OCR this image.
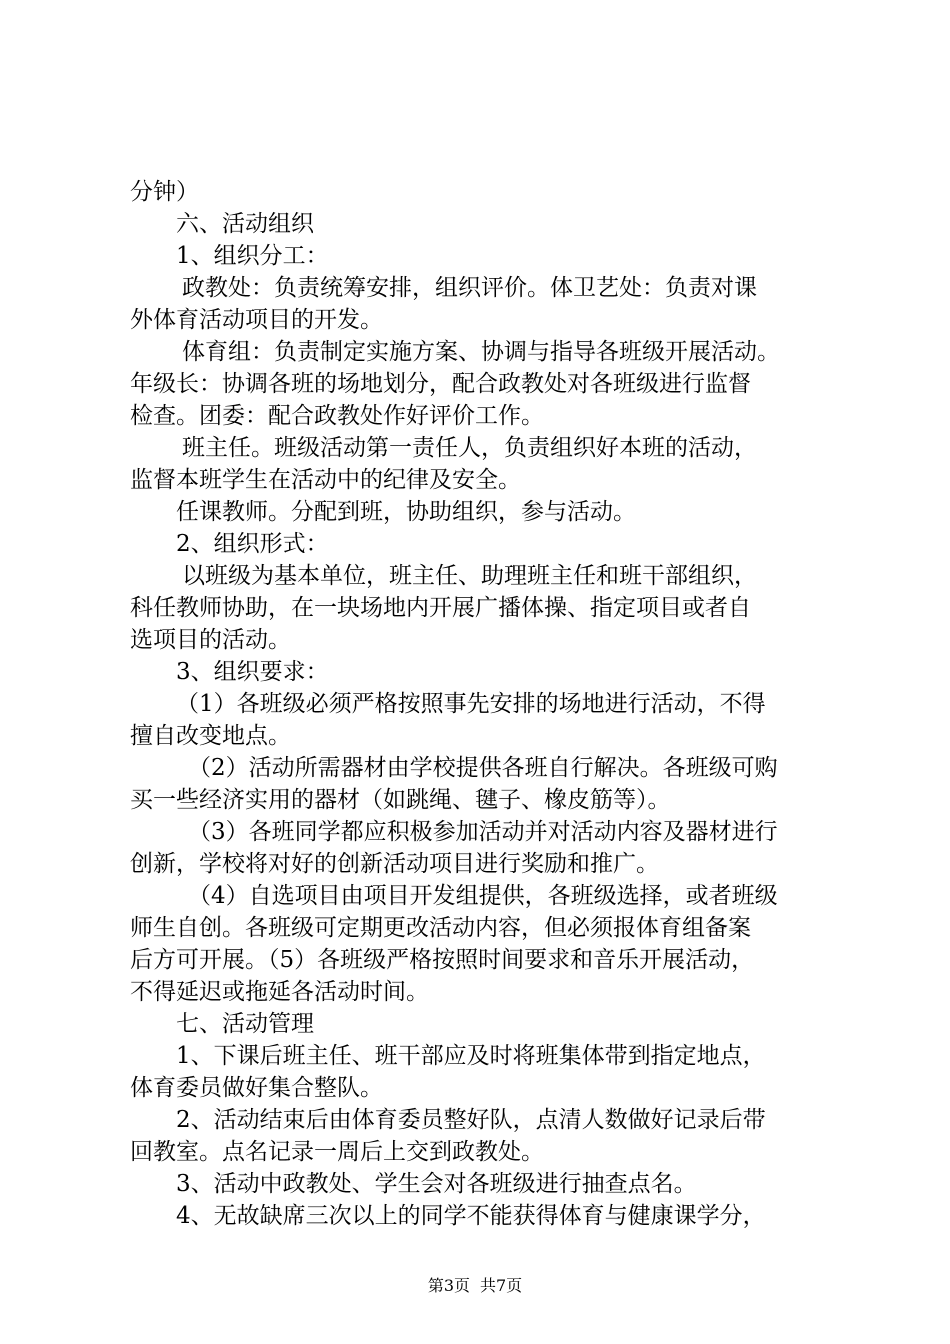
分钟）
六、活动组织
1、组织分工：
政教处：负责统筹安排，组织评价。体卫艺处：负责对课
外体育活动项目的开发。
体育组：负责制定实施方案、协调与指导各班级开展活动。
年级长：协调各班的场地划分，配合政教处对各班级进行监督
检查。团委：配合政教处作好评价工作。
班主任。班级活动第一责任人，负责组织好本班的活动，
监督本班学生在活动中的纪律及安全。
任课教师。分配到班，协助组织，参与活动。
2、组织形式：
以班级为基本单位，班主任、助理班主任和班干部组织，
科任教师协助，在一块场地内开展广播体操、指定项目或者自
选项目的活动。
3、组织要求：
（1）各班级必须严格按照事先安排的场地进行活动，不得
擅自改变地点。
（2）活动所需器材由学校提供各班自行解决。各班级可购
买一些经济实用的器材（如跳绳、毽子、橡皮筋等）。
（3）各班同学都应积极参加活动并对活动内容及器材进行
创新，学校将对好的创新活动项目进行奖励和推广。
（4）自选项目由项目开发组提供，各班级选择，或者班级
师生自创。各班级可定期更改活动内容，但必须报体育组备案
后方可开展。（5）各班级严格按照时间要求和音乐开展活动，
不得延迟或拖延各活动时间。
七、活动管理
1、下课后班主任、班干部应及时将班集体带到指定地点，
体育委员做好集合整队。
2、活动结束后由体育委员整好队，点清人数做好记录后带
回教室。点名记录一周后上交到政教处。
3、活动中政教处、学生会对各班级进行抽查点名。
4、无故缺席三次以上的同学不能获得体育与健康课学分，
第3页 共7页
